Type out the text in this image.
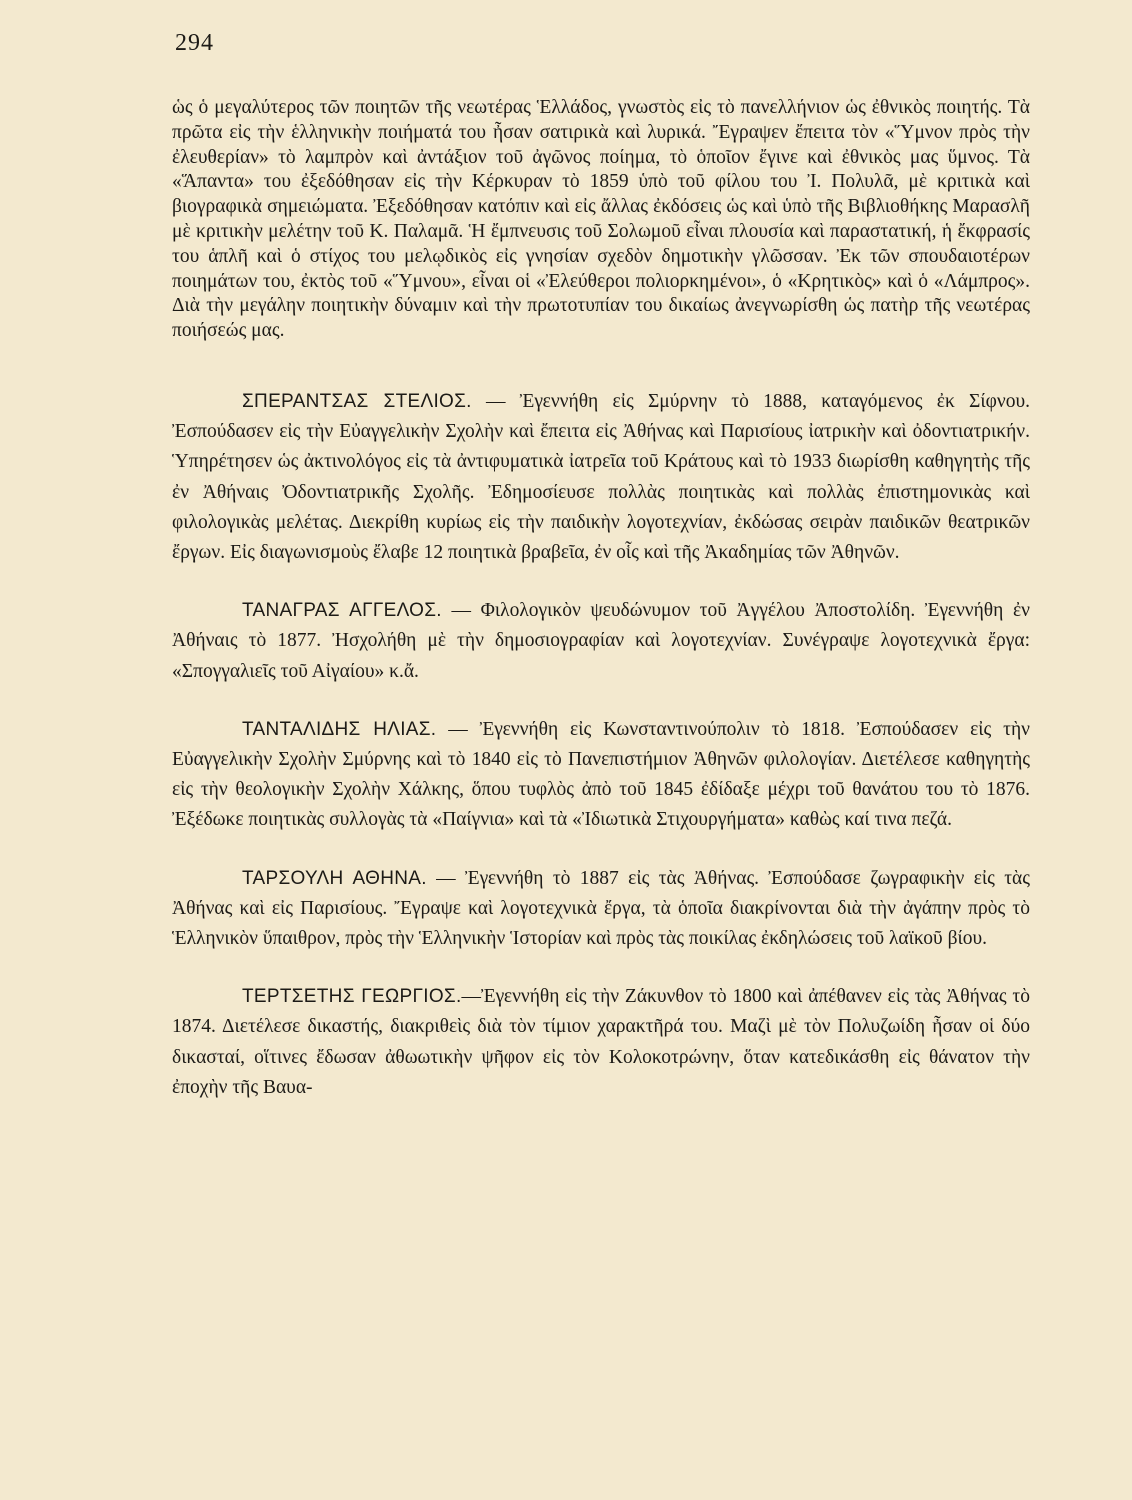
294

ὡς ὁ μεγαλύτερος τῶν ποιητῶν τῆς νεωτέρας Ἑλλάδος, γνωστὸς εἰς τὸ πανελλήνιον ὡς ἐθνικὸς ποιητής. Τὰ πρῶτα εἰς τὴν ἑλληνικὴν ποιήματά του ἦσαν σατιρικὰ καὶ λυρικά. Ἔγραψεν ἔπειτα τὸν «Ὕμνον πρὸς τὴν ἐλευθερίαν» τὸ λαμπρὸν καὶ ἀντάξιον τοῦ ἀγῶνος ποίημα, τὸ ὁποῖον ἔγινε καὶ ἐθνικὸς μας ὕμνος. Τὰ «Ἅπαντα» του ἐξεδόθησαν εἰς τὴν Κέρκυραν τὸ 1859 ὑπὸ τοῦ φίλου του Ἰ. Πολυλᾶ, μὲ κριτικὰ καὶ βιογραφικὰ σημειώματα. Ἐξεδόθησαν κατόπιν καὶ εἰς ἄλλας ἐκδόσεις ὡς καὶ ὑπὸ τῆς Βιβλιοθήκης Μαρασλῆ μὲ κριτικὴν μελέτην τοῦ Κ. Παλαμᾶ. Ἡ ἔμπνευσις τοῦ Σολωμοῦ εἶναι πλουσία καὶ παραστατική, ἡ ἔκφρασίς του ἁπλῆ καὶ ὁ στίχος του μελῳδικὸς εἰς γνησίαν σχεδὸν δημοτικὴν γλῶσσαν. Ἐκ τῶν σπουδαιοτέρων ποιημάτων του, ἐκτὸς τοῦ «Ὕμνου», εἶναι οἱ «Ἐλεύθεροι πολιορκημένοι», ὁ «Κρητικὸς» καὶ ὁ «Λάμπρος». Διὰ τὴν μεγάλην ποιητικὴν δύναμιν καὶ τὴν πρωτοτυπίαν του δικαίως ἀνεγνωρίσθη ὡς πατὴρ τῆς νεωτέρας ποιήσεώς μας.

ΣΠΕΡΑΝΤΣΑΣ ΣΤΕΛΙΟΣ. — Ἐγεννήθη εἰς Σμύρνην τὸ 1888, καταγόμενος ἐκ Σίφνου. Ἐσπούδασεν εἰς τὴν Εὐαγγελικὴν Σχολὴν καὶ ἔπειτα εἰς Ἀθήνας καὶ Παρισίους ἰατρικὴν καὶ ὀδοντιατρικήν. Ὑπηρέτησεν ὡς ἀκτινολόγος εἰς τὰ ἀντιφυματικὰ ἰατρεῖα τοῦ Κράτους καὶ τὸ 1933 διωρίσθη καθηγητὴς τῆς ἐν Ἀθήναις Ὀδοντιατρικῆς Σχολῆς. Ἐδημοσίευσε πολλὰς ποιητικὰς καὶ πολλὰς ἐπιστημονικὰς καὶ φιλολογικὰς μελέτας. Διεκρίθη κυρίως εἰς τὴν παιδικὴν λογοτεχνίαν, ἐκδώσας σειρὰν παιδικῶν θεατρικῶν ἔργων. Εἰς διαγωνισμοὺς ἔλαβε 12 ποιητικὰ βραβεῖα, ἐν οἷς καὶ τῆς Ἀκαδημίας τῶν Ἀθηνῶν.

ΤΑΝΑΓΡΑΣ ΑΓΓΕΛΟΣ. — Φιλολογικὸν ψευδώνυμον τοῦ Ἀγγέλου Ἀποστολίδη. Ἐγεννήθη ἐν Ἀθήναις τὸ 1877. Ἠσχολήθη μὲ τὴν δημοσιογραφίαν καὶ λογοτεχνίαν. Συνέγραψε λογοτεχνικὰ ἔργα: «Σπογγαλιεῖς τοῦ Αἰγαίου» κ.ἄ.

ΤΑΝΤΑΛΙΔΗΣ ΗΛΙΑΣ. — Ἐγεννήθη εἰς Κωνσταντινούπολιν τὸ 1818. Ἐσπούδασεν εἰς τὴν Εὐαγγελικὴν Σχολὴν Σμύρνης καὶ τὸ 1840 εἰς τὸ Πανεπιστήμιον Ἀθηνῶν φιλολογίαν. Διετέλεσε καθηγητὴς εἰς τὴν θεολογικὴν Σχολὴν Χάλκης, ὅπου τυφλὸς ἀπὸ τοῦ 1845 ἐδίδαξε μέχρι τοῦ θανάτου του τὸ 1876. Ἐξέδωκε ποιητικὰς συλλογὰς τὰ «Παίγνια» καὶ τὰ «Ἰδιωτικὰ Στιχουργήματα» καθὼς καί τινα πεζά.

ΤΑΡΣΟΥΛΗ ΑΘΗΝΑ. — Ἐγεννήθη τὸ 1887 εἰς τὰς Ἀθήνας. Ἐσπούδασε ζωγραφικὴν εἰς τὰς Ἀθήνας καὶ εἰς Παρισίους. Ἔγραψε καὶ λογοτεχνικὰ ἔργα, τὰ ὁποῖα διακρίνονται διὰ τὴν ἀγάπην πρὸς τὸ Ἑλληνικὸν ὕπαιθρον, πρὸς τὴν Ἑλληνικὴν Ἱστορίαν καὶ πρὸς τὰς ποικίλας ἐκδηλώσεις τοῦ λαϊκοῦ βίου.

ΤΕΡΤΣΕΤΗΣ ΓΕΩΡΓΙΟΣ.—Ἐγεννήθη εἰς τὴν Ζάκυνθον τὸ 1800 καὶ ἀπέθανεν εἰς τὰς Ἀθήνας τὸ 1874. Διετέλεσε δικαστής, διακριθεὶς διὰ τὸν τίμιον χαρακτῆρά του. Μαζὶ μὲ τὸν Πολυζωίδη ἦσαν οἱ δύο δικασταί, οἵτινες ἔδωσαν ἀθωωτικὴν ψῆφον εἰς τὸν Κολοκοτρώνην, ὅταν κατεδικάσθη εἰς θάνατον τὴν ἐποχὴν τῆς Βαυα-
